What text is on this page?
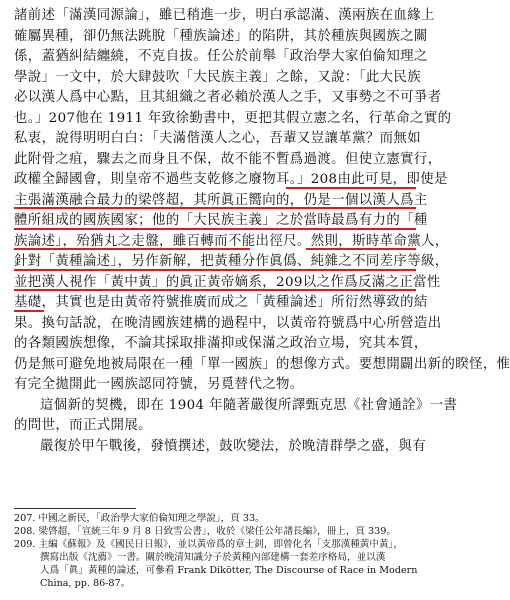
諸前述「滿漢同源論」，雖已稍進一步，明白承認滿、漢兩族在血緣上
確屬異種，卻仍無法跳脫「種族論述」的陷阱，其於種族與國族之關
係，蓋猶糾結纏繞，不克自拔。任公於前舉「政治學大家伯倫知理之
學說」一文中，於大肆鼓吹「大民族主義」之餘，又說：「此大民族
必以漢人爲中心點，且其組織之者必賴於漢人之手，又事勢之不可爭者
也。」207他在 1911 年致徐勤書中，更把其假立憲之名，行革命之實的
私衷，說得明明白白：「夫滿偕漢人之心，吾輩又豈讓革黨？而無如
此附骨之疽，驟去之而身且不保，故不能不暫爲過渡。但使立憲實行，
政權全歸國會，則皇帝不過些支乾修之廢物耳。」208由此可見，即使是
主張滿漢融合最力的梁啓超，其所眞正嚮向的，仍是一個以漢人爲主
體所組成的國族國家；他的「大民族主義」之於當時最爲有力的「種
族論述」，殆猶丸之走盤，雖百轉而不能出徑尺。然則，斯時革命黨人，
針對「黃種論述」，另作新解，把黃種分作眞僞、純雜之不同差序等級，
並把漢人視作「黃中黃」的眞正黃帝嫡系，209以之作爲反滿之正當性
基礎，其實也是由黃帝符號推廣而成之「黃種論述」所衍然導致的結
果。換句話說，在晚清國族建構的過程中，以黃帝符號爲中心所營造出
的各類國族想像，不論其採取排滿抑或保滿之政治立場，究其本質，
仍是無可避免地被局限在一種「單一國族」的想像方式。要想開闢出新的睽怪，惟
有完全拋開此一國族認同符號，另覓替代之物。
這個新的契機，即在 1904 年隨著嚴復所譯甄克思《社會通詮》一書
的問世，而正式開展。
嚴復於甲午戰後，發憤撰述，鼓吹變法，於晚清群學之盛，與有
207. 中國之新民，「政治學大家伯倫知理之學說」，頁 33。
208. 梁啓超，「宣統三年 9 月 8 日致雪公書」，收於《梁任公年譜長編》，冊上，頁 339。
209. 主編《蘇報》及《國民日日報》，並以黃帝爲的章士釗，即曾化名「支那漢種黃中黃」，
撰寫出版《沈薦》一書。關於晚清知識分子於黃種內部建構一套差序格局，並以漢
人爲「眞」黃種的論述，可參看 Frank Dikötter, The Discourse of Race in Modern
China, pp. 86-87。
